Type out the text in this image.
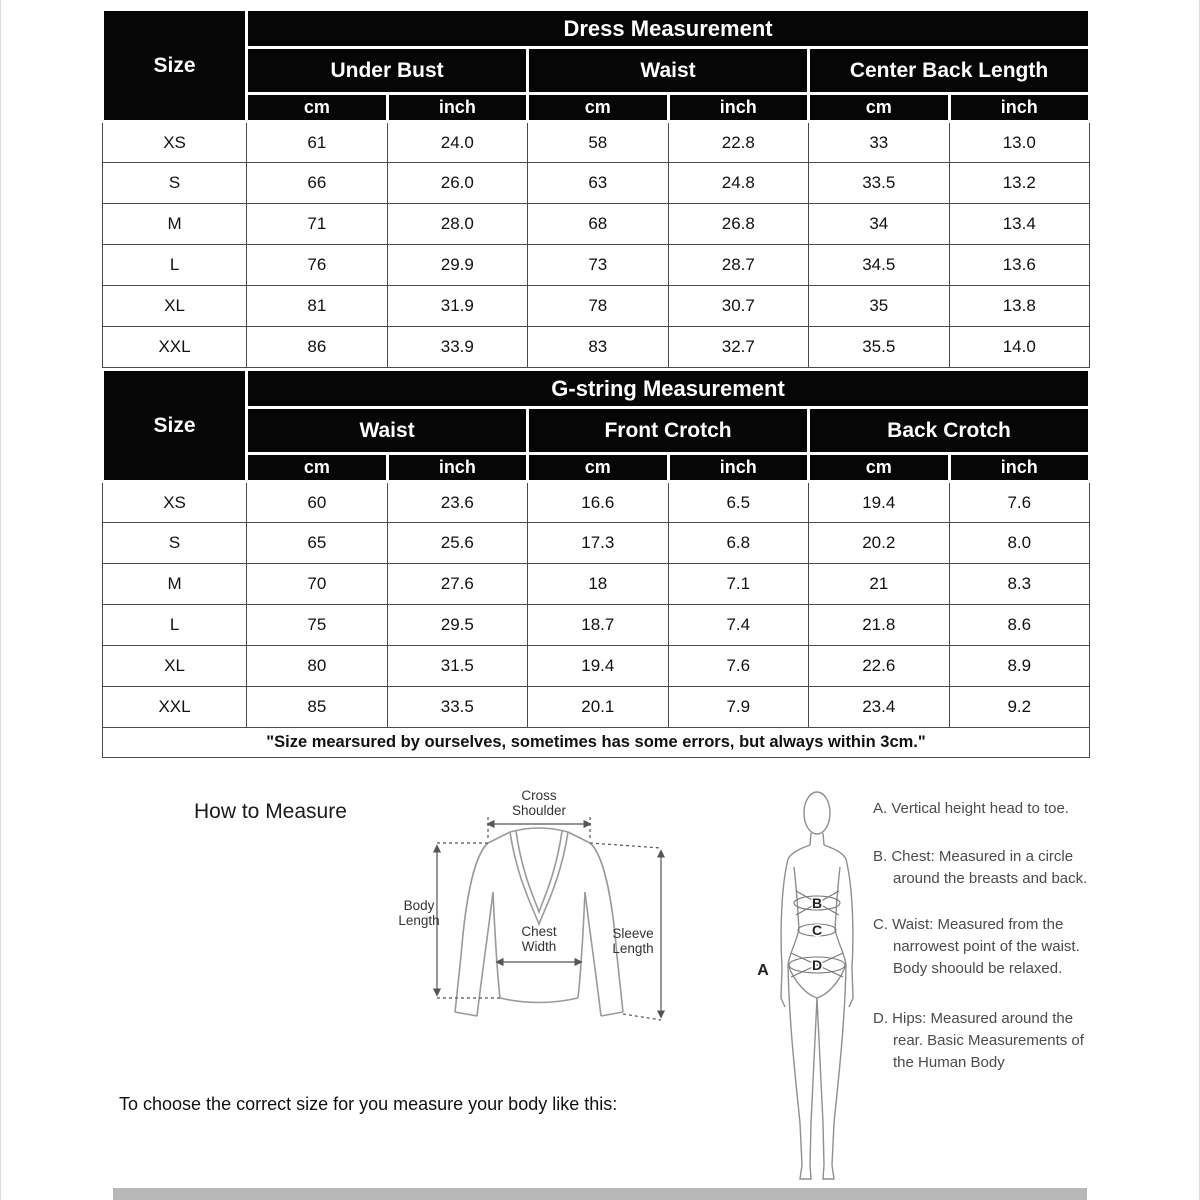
Size	Dress Measurement					
	Under Bust		Waist		Center Back Length	
	cm	inch	cm	inch	cm	inch
XS	61	24.0	58	22.8	33	13.0
S	66	26.0	63	24.8	33.5	13.2
M	71	28.0	68	26.8	34	13.4
L	76	29.9	73	28.7	34.5	13.6
XL	81	31.9	78	30.7	35	13.8
XXL	86	33.9	83	32.7	35.5	14.0
Size	G-string Measurement					
	Waist		Front Crotch		Back Crotch	
	cm	inch	cm	inch	cm	inch
XS	60	23.6	16.6	6.5	19.4	7.6
S	65	25.6	17.3	6.8	20.2	8.0
M	70	27.6	18	7.1	21	8.3
L	75	29.5	18.7	7.4	21.8	8.6
XL	80	31.5	19.4	7.6	22.6	8.9
XXL	85	33.5	20.1	7.9	23.4	9.2
"Size mearsured by ourselves, sometimes has some errors, but always within 3cm."						
How to Measure
Cross Shoulder
Body Length
Chest Width
Sleeve Length
A
B
C
D
A. Vertical height head to toe.
B. Chest: Measured in a circle around the breasts and back.
C. Waist: Measured from the narrowest point of the waist. Body shoould be relaxed.
D. Hips: Measured around the rear. Basic Measurements of the Human Body
To choose the correct size for you measure your body like this:
